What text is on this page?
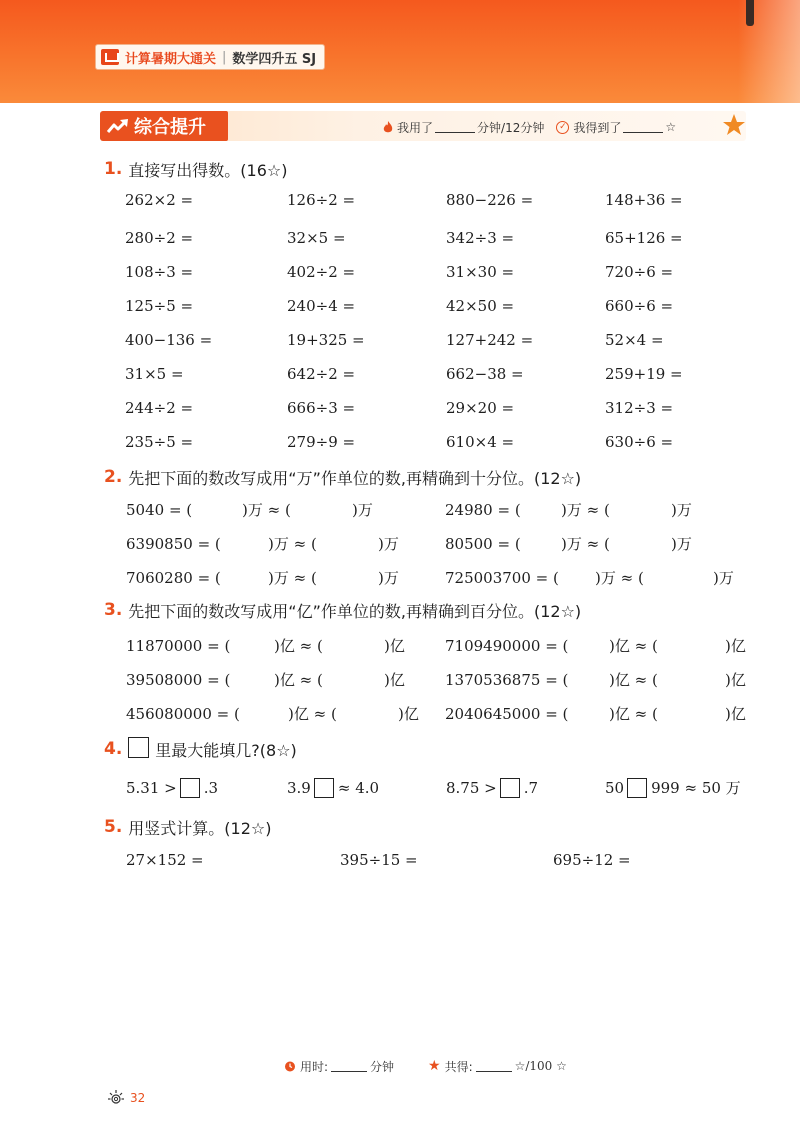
计算暑期大通关 | 数学四升五 SJ
综合提升	我用了	分钟 /12分钟	✓ 我得到了	☆
1. 直接写出得数。(16☆)
262×2 =	126÷2 =	880−226 =	148+36 =
280÷2 =	32×5 =	342÷3 =	65+126 =
108÷3 =	402÷2 =	31×30 =	720÷6 =
125÷5 =	240÷4 =	42×50 =	660÷6 =
400−136 =	19+325 =	127+242 =	52×4 =
31×5 =	642÷2 =	662−38 =	259+19 =
244÷2 =	666÷3 =	29×20 =	312÷3 =
235÷5 =	279÷9 =	610×4 =	630÷6 =
2. 先把下面的数改写成用“万”作单位的数,再精确到十分位。(12☆)
5040 = (	)万 ≈ (	)万	24980 = (	)万 ≈ (	)万
6390850 = (	)万 ≈ (	)万	80500 = (	)万 ≈ (	)万
7060280 = (	)万 ≈ (	)万	725003700 = ( )万 ≈ (	)万
3. 先把下面的数改写成用“亿”作单位的数,再精确到百分位。(12☆)
11870000 = (	)亿 ≈ (	)亿	7109490000 = (	)亿 ≈ (	)亿
39508000 = (	)亿 ≈ (	)亿	1370536875 = (	)亿 ≈ (	)亿
456080000 = (	)亿 ≈ (	)亿 2040645000 = (	)亿 ≈ (	)亿
4. 里最大能填几?(8☆)
5.31 > .3	3.9 ≈ 4.0	8.75 > .7	50 999 ≈ 50 万
5. 用竖式计算。(12☆)
27×152 =	395÷15 =	695÷12 =
用时:	分钟 ★ 共得:	☆/100 ☆
32
